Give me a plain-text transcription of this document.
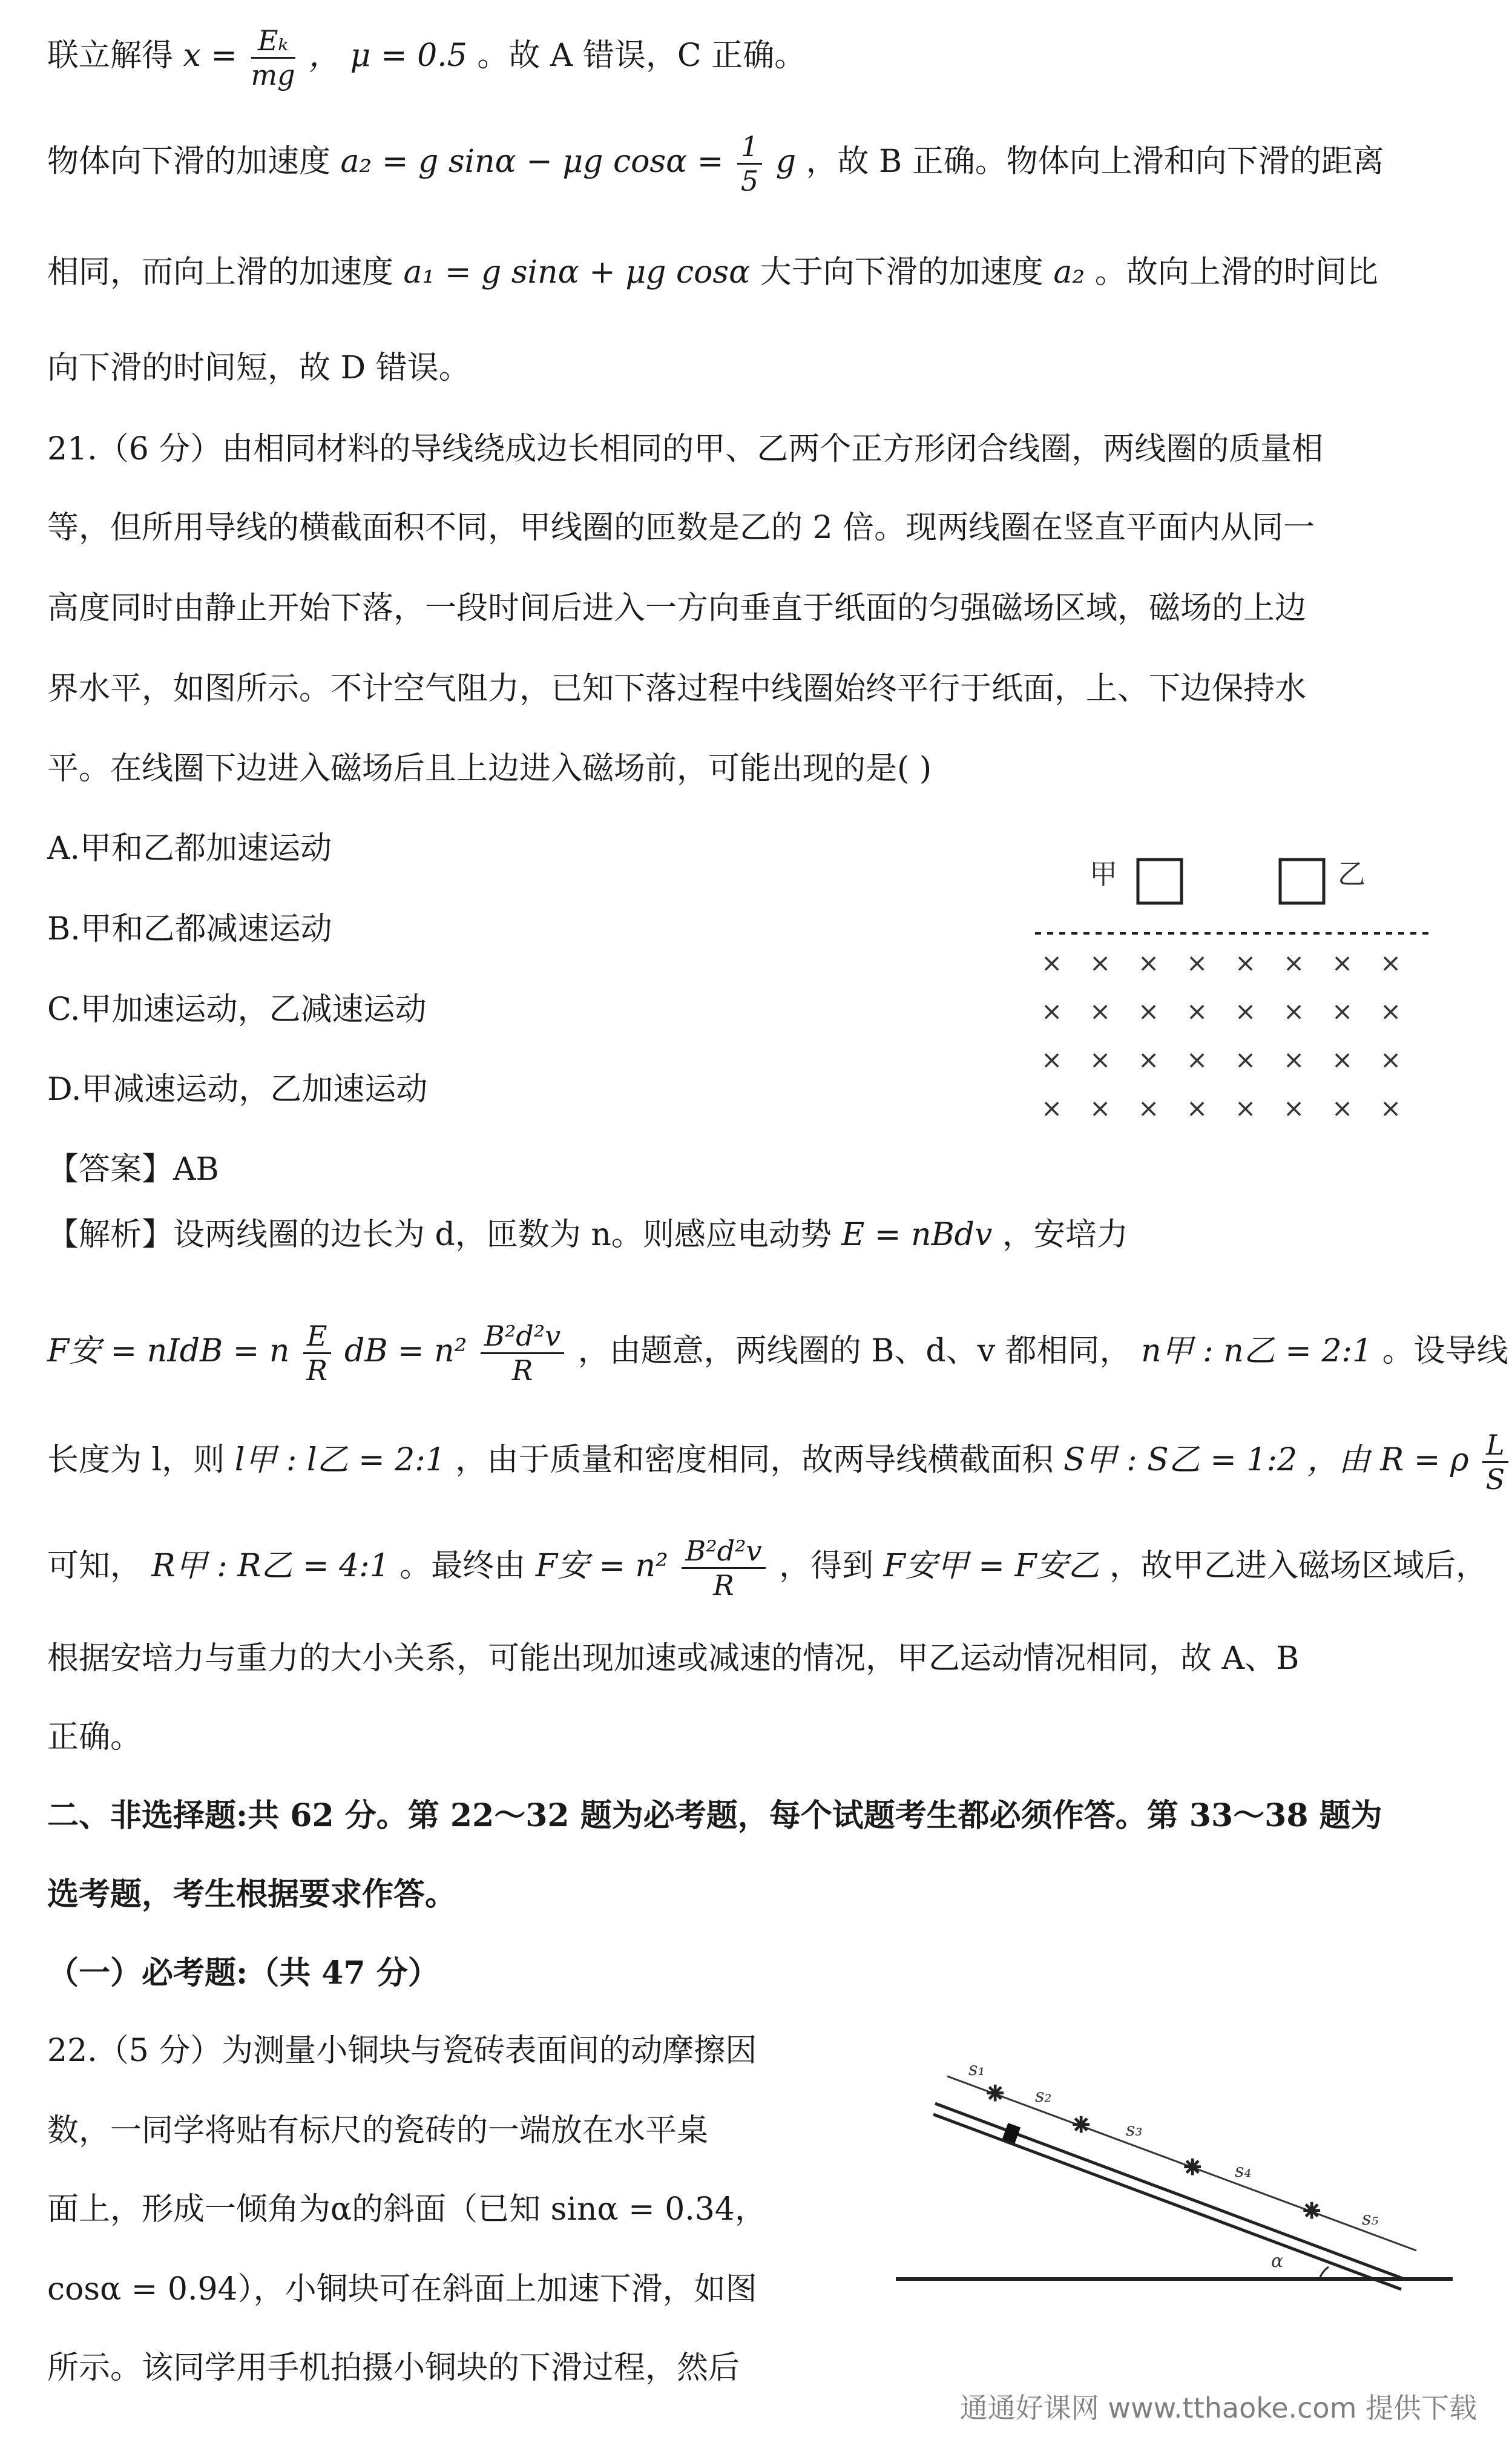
联立解得 $x = \frac{\text{Eₖ}}{mg}$ ， μ = 0.5 。故 A 错误，C 正确。
物体向下滑的加速度 a₂ = g sinα − μg $\cos\alpha = \frac{1}{5}$ g ，故 B 正确。物体向上滑和向下滑的距离
相同，而向上滑的加速度 a₁ = g sinα + μg cosα 大于向下滑的加速度 a₂ 。故向上滑的时间比
向下滑的时间短，故 D 错误。
21.（6 分）由相同材料的导线绕成边长相同的甲、乙两个正方形闭合线圈，两线圈的质量相
等，但所用导线的横截面积不同，甲线圈的匝数是乙的 2 倍。现两线圈在竖直平面内从同一
高度同时由静止开始下落，一段时间后进入一方向垂直于纸面的匀强磁场区域，磁场的上边
界水平，如图所示。不计空气阻力，已知下落过程中线圈始终平行于纸面，上、下边保持水
平。在线圈下边进入磁场后且上边进入磁场前，可能出现的是( )
A.甲和乙都加速运动
B.甲和乙都减速运动
C.甲加速运动，乙减速运动
D.甲减速运动，乙加速运动
【答案】AB
甲	乙
× × × × × × × ×
× × × × × × × ×
× × × × × × × ×
× × × × × × × ×
【解析】设两线圈的边长为 d，匝数为 n。则感应电动势 E = nBdv ，安培力
F安 = nIdB = n $\frac{E}{R}$ dB = $n^2 \frac{\text{B²d²v}}{R}$ ，由题意，两线圈的 B、d、v 都相同， n甲 : n乙 = 2:1 。设导线
长度为 l，则 l甲 : l乙 = 2:1 ，由于质量和密度相同，故两导线横截面积 S甲 : S乙 = 1:2 ，由 R = ρ $\frac{L}{S}$
可知， R甲 : R乙 = 4:1 。最终由 F安 = $n^2 \frac{\text{B²d²v}}{R}$ ，得到 F安甲 = F安乙 ，故甲乙进入磁场区域后，
根据安培力与重力的大小关系，可能出现加速或减速的情况，甲乙运动情况相同，故 A、B
正确。
二、非选择题:共 62 分。第 22～32 题为必考题，每个试题考生都必须作答。第 33～38 题为
选考题，考生根据要求作答。
（一）必考题:（共 47 分）
22.（5 分）为测量小铜块与瓷砖表面间的动摩擦因
数，一同学将贴有标尺的瓷砖的一端放在水平桌
面上，形成一倾角为α的斜面（已知 sinα = 0.34，
cosα = 0.94），小铜块可在斜面上加速下滑，如图
所示。该同学用手机拍摄小铜块的下滑过程，然后
s₁
s₂
s₃
s₄
s₅
α
✳
✳
✳
✳
通通好课网 www.tthaoke.com 提供下载
